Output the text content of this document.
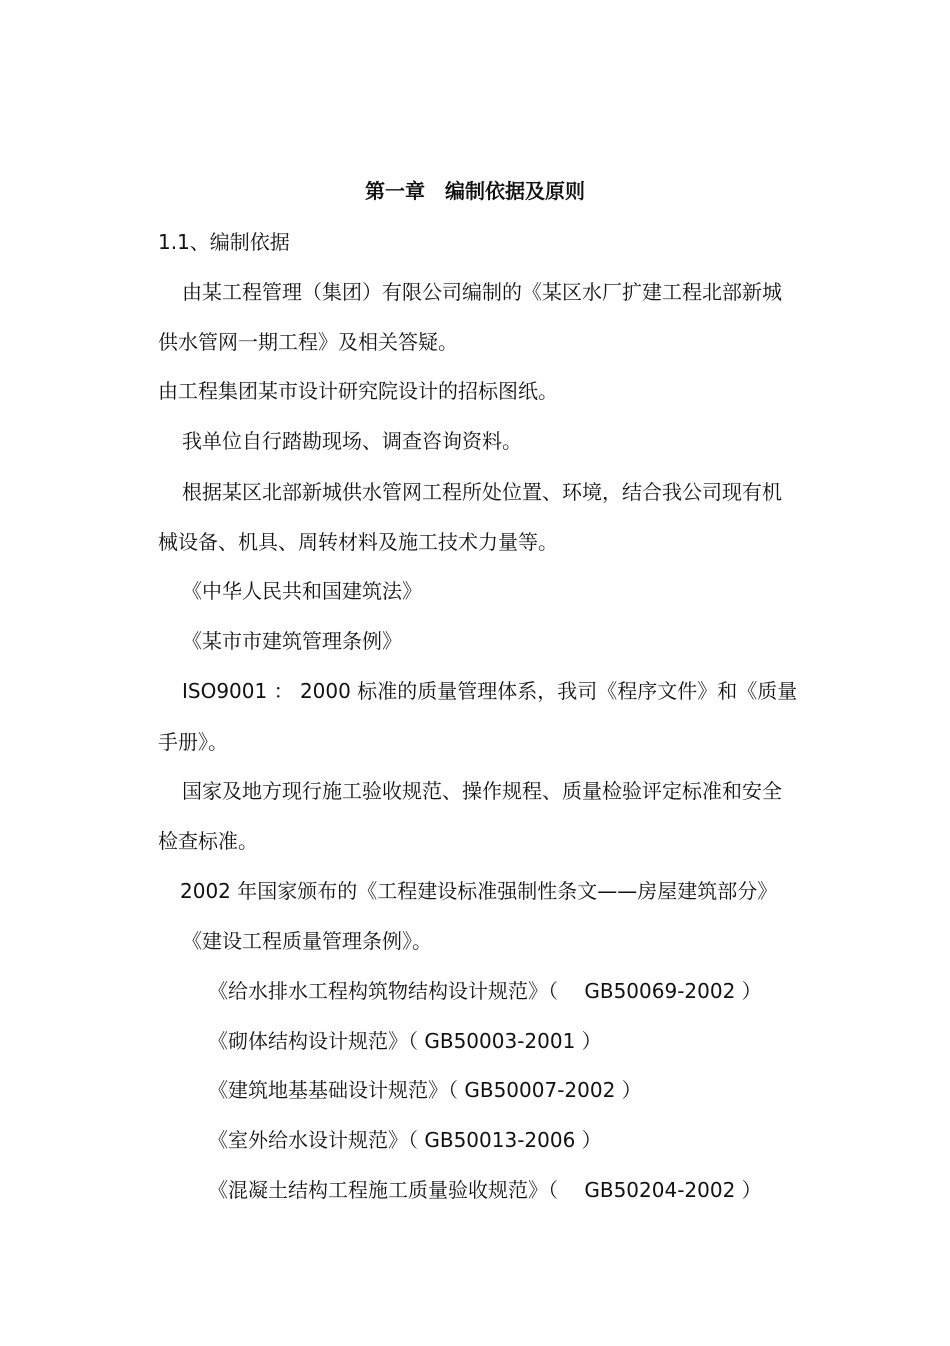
第一章　编制依据及原则
1.1、编制依据

由某工程管理（集团）有限公司编制的《某区水厂扩建工程北部新城

供水管网一期工程》及相关答疑。

由工程集团某市设计研究院设计的招标图纸。

我单位自行踏勘现场、调查咨询资料。

根据某区北部新城供水管网工程所处位置、环境，结合我公司现有机

械设备、机具、周转材料及施工技术力量等。

《中华人民共和国建筑法》

《某市市建筑管理条例》

ISO9001 ： 2000 标准的质量管理体系，我司《程序文件》和《质量

手册》。

国家及地方现行施工验收规范、操作规程、质量检验评定标准和安全

检查标准。

2002 年国家颁布的《工程建设标准强制性条文——房屋建筑部分》

《建设工程质量管理条例》。

《给水排水工程构筑物结构设计规范》（　 GB50069-2002 ）

《砌体结构设计规范》（ GB50003-2001 ）

《建筑地基基础设计规范》（ GB50007-2002 ）

《室外给水设计规范》（ GB50013-2006 ）

《混凝土结构工程施工质量验收规范》（　 GB50204-2002 ）
